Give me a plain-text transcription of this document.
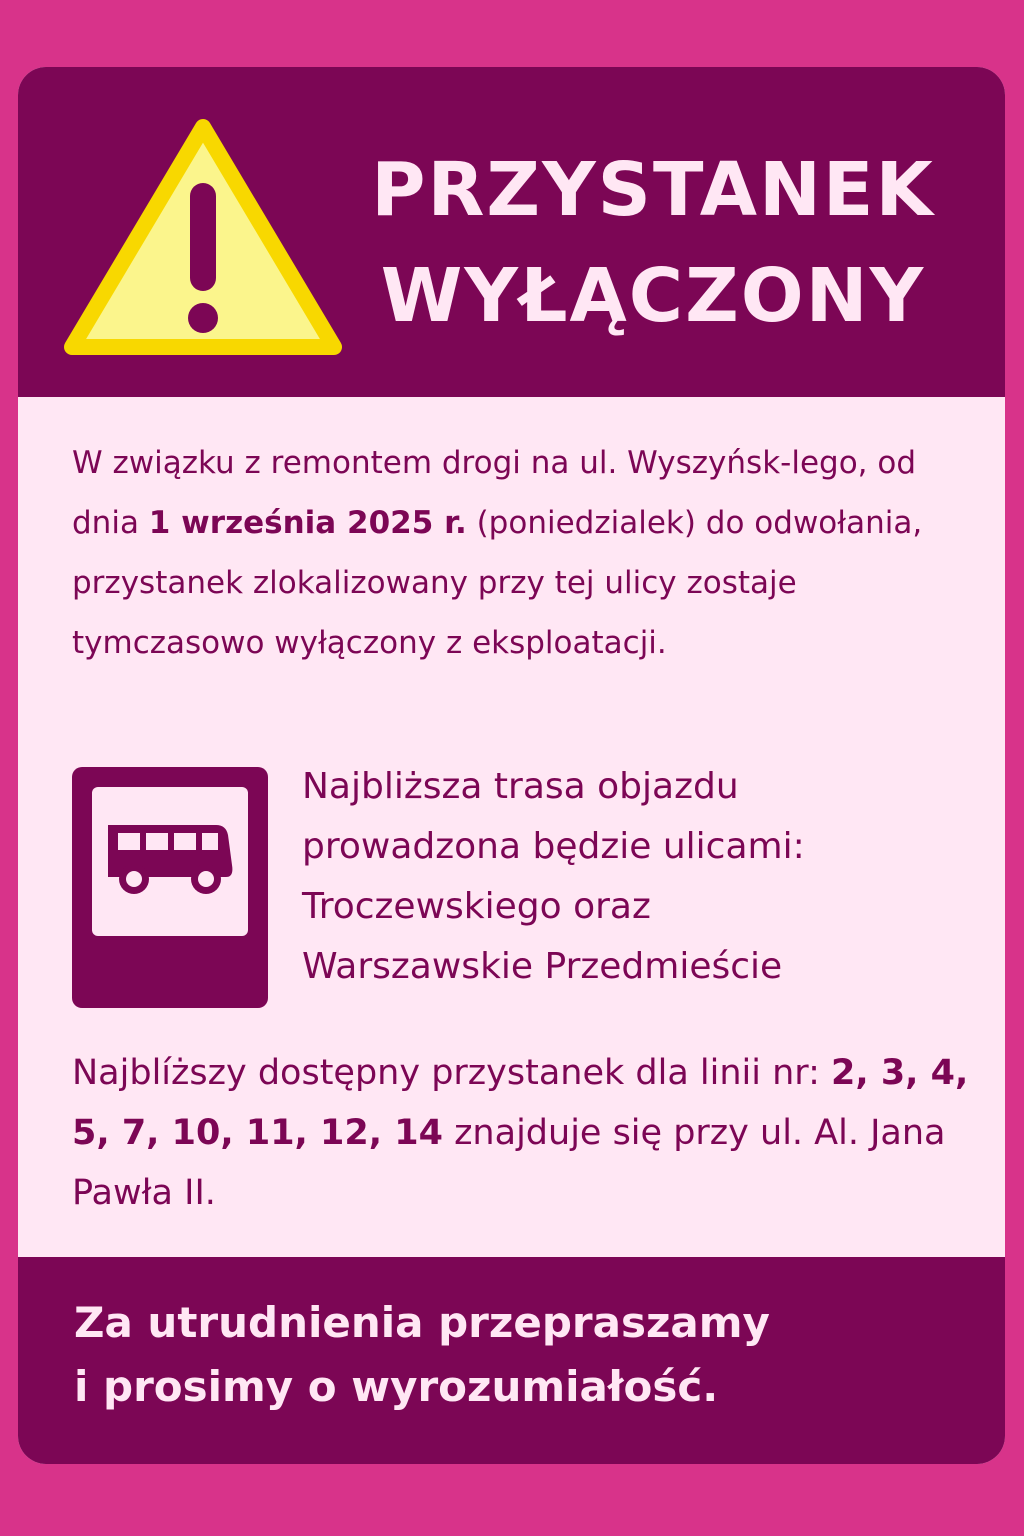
PRZYSTANEK
WYŁĄCZONY

W związku z remontem drogi na ul. Wyszyńsk-lego, od dnia 1 września 2025 r. (poniedzialek) do odwołania, przystanek zlokalizowany przy tej ulicy zostaje tymczasowo wyłączony z eksploatacji.

Najbliższa trasa objazdu
prowadzona będzie ulicami:
Troczewskiego oraz
Warszawskie Przedmieście

Najblíższy dostępny przystanek dla linii nr: 2, 3, 4, 5, 7, 10, 11, 12, 14 znajduje się przy ul. Al. Jana Pawła II.

Za utrudnienia przepraszamy
i prosimy o wyrozumiałość.
